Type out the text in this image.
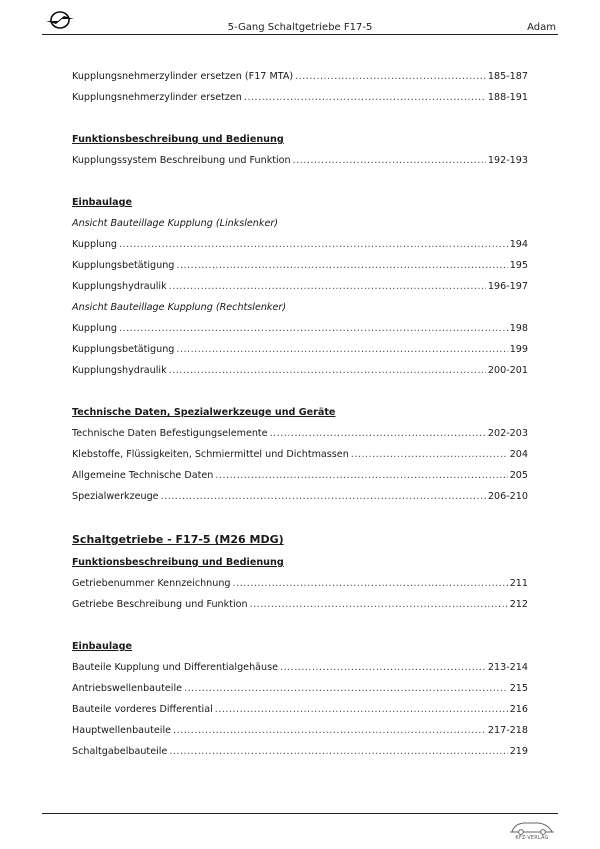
5-Gang Schaltgetriebe F17-5	Adam
Kupplungsnehmerzylinder ersetzen (F17 MTA) .....	185-187
Kupplungsnehmerzylinder ersetzen .....	188-191
Funktionsbeschreibung und Bedienung
Kupplungssystem Beschreibung und Funktion .....	192-193
Einbaulage
Ansicht Bauteillage Kupplung (Linkslenker)
Kupplung .....	194
Kupplungsbetätigung .....	195
Kupplungshydraulik .....	196-197
Ansicht Bauteillage Kupplung (Rechtslenker)
Kupplung .....	198
Kupplungsbetätigung .....	199
Kupplungshydraulik .....	200-201
Technische Daten, Spezialwerkzeuge und Geräte
Technische Daten Befestigungselemente .....	202-203
Klebstoffe, Flüssigkeiten, Schmiermittel und Dichtmassen .....	204
Allgemeine Technische Daten .....	205
Spezialwerkzeuge .....	206-210
Schaltgetriebe - F17-5 (M26 MDG)
Funktionsbeschreibung und Bedienung
Getriebenummer Kennzeichnung .....	211
Getriebe Beschreibung und Funktion .....	212
Einbaulage
Bauteile Kupplung und Differentialgehäuse .....	213-214
Antriebswellenbauteile .....	215
Bauteile vorderes Differential .....	216
Hauptwellenbauteile .....	217-218
Schaltgabelbauteile .....	219
KFZ-VERLAG
